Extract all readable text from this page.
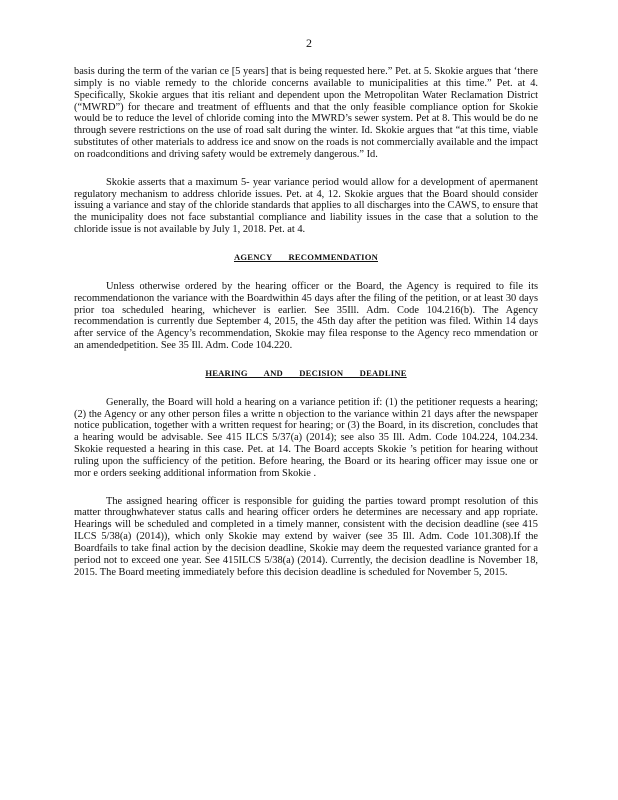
2

basis during the term of the varian ce [5 years] that is being requested here.” Pet. at 5. Skokie argues that ‘there simply is no viable remedy to the chloride concerns available to municipalities at this time.” Pet. at 4. Specifically, Skokie argues that itis reliant and dependent upon the Metropolitan Water Reclamation District (“MWRD”) for thecare and treatment of effluents and that the only feasible compliance option for Skokie would be to reduce the level of chloride coming into the MWRD’s sewer system. Pet at 8. This would be do ne through severe restrictions on the use of road salt during the winter. Id. Skokie argues that “at this time, viable substitutes of other materials to address ice and snow on the roads is not commercially available and the impact on roadconditions and driving safety would be extremely dangerous.” Id.

Skokie asserts that a maximum 5- year variance period would allow for a development of apermanent regulatory mechanism to address chloride issues. Pet. at 4, 12. Skokie argues that the Board should consider issuing a variance and stay of the chloride standards that applies to all discharges into the CAWS, to ensure that the municipality does not face substantial compliance and liability issues in the case that a solution to the chloride issue is not available by July 1, 2018. Pet. at 4.

AGENCY RECOMMENDATION

Unless otherwise ordered by the hearing officer or the Board, the Agency is required to file its recommendationon the variance with the Boardwithin 45 days after the filing of the petition, or at least 30 days prior toa scheduled hearing, whichever is earlier. See 35Ill. Adm. Code 104.216(b). The Agency recommendation is currently due September 4, 2015, the 45th day after the petition was filed. Within 14 days after service of the Agency’s recommendation, Skokie may filea response to the Agency reco mmendation or an amendedpetition. See 35 Ill. Adm. Code 104.220.

HEARING AND DECISION DEADLINE

Generally, the Board will hold a hearing on a variance petition if: (1) the petitioner requests a hearing; (2) the Agency or any other person files a writte n objection to the variance within 21 days after the newspaper notice publication, together with a written request for hearing; or (3) the Board, in its discretion, concludes that a hearing would be advisable. See 415 ILCS 5/37(a) (2014); see also 35 Ill. Adm. Code 104.224, 104.234. Skokie requested a hearing in this case. Pet. at 14. The Board accepts Skokie ’s petition for hearing without ruling upon the sufficiency of the petition. Before hearing, the Board or its hearing officer may issue one or mor e orders seeking additional information from Skokie .

The assigned hearing officer is responsible for guiding the parties toward prompt resolution of this matter throughwhatever status calls and hearing officer orders he determines are necessary and app ropriate. Hearings will be scheduled and completed in a timely manner, consistent with the decision deadline (see 415 ILCS 5/38(a) (2014)), which only Skokie may extend by waiver (see 35 Ill. Adm. Code 101.308).If the Boardfails to take final action by the decision deadline, Skokie may deem the requested variance granted for a period not to exceed one year. See 415ILCS 5/38(a) (2014). Currently, the decision deadline is November 18, 2015. The Board meeting immediately before this decision deadline is scheduled for November 5, 2015.
